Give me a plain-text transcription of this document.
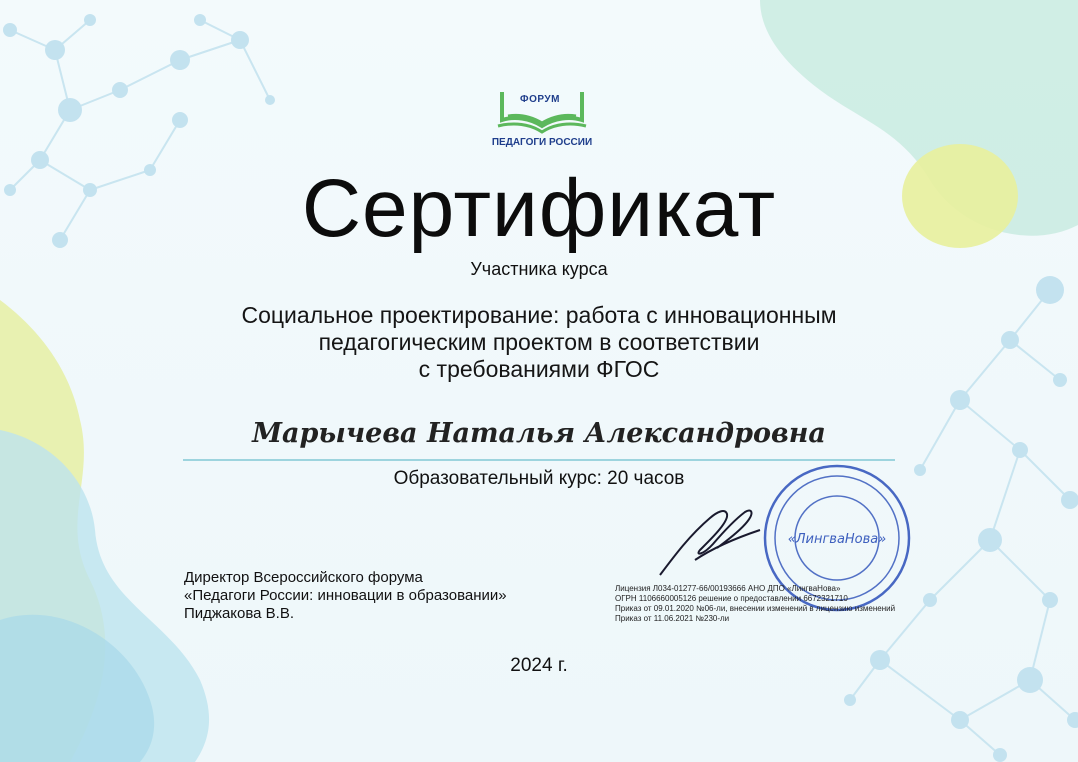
ФОРУМ
ПЕДАГОГИ РОССИИ
Сертификат
Участника курса
Социальное проектирование: работа с инновационным
педагогическим проектом в соответствии
с требованиями ФГОС
Марычева Наталья Александровна
Образовательный курс: 20 часов
Директор Всероссийского форума
«Педагоги России: инновации в образовании»
Пиджакова В.В.
«ЛингваНова»
Лицензия Л034-01277-66/00193666 АНО ДПО «ЛингваНова»
ОГРН 1106660005126 решение о предоставлении 6672321710
Приказ от 09.01.2020 №06-ли, внесении изменений в лицензию изменений
Приказ от 11.06.2021 №230-ли
2024 г.
